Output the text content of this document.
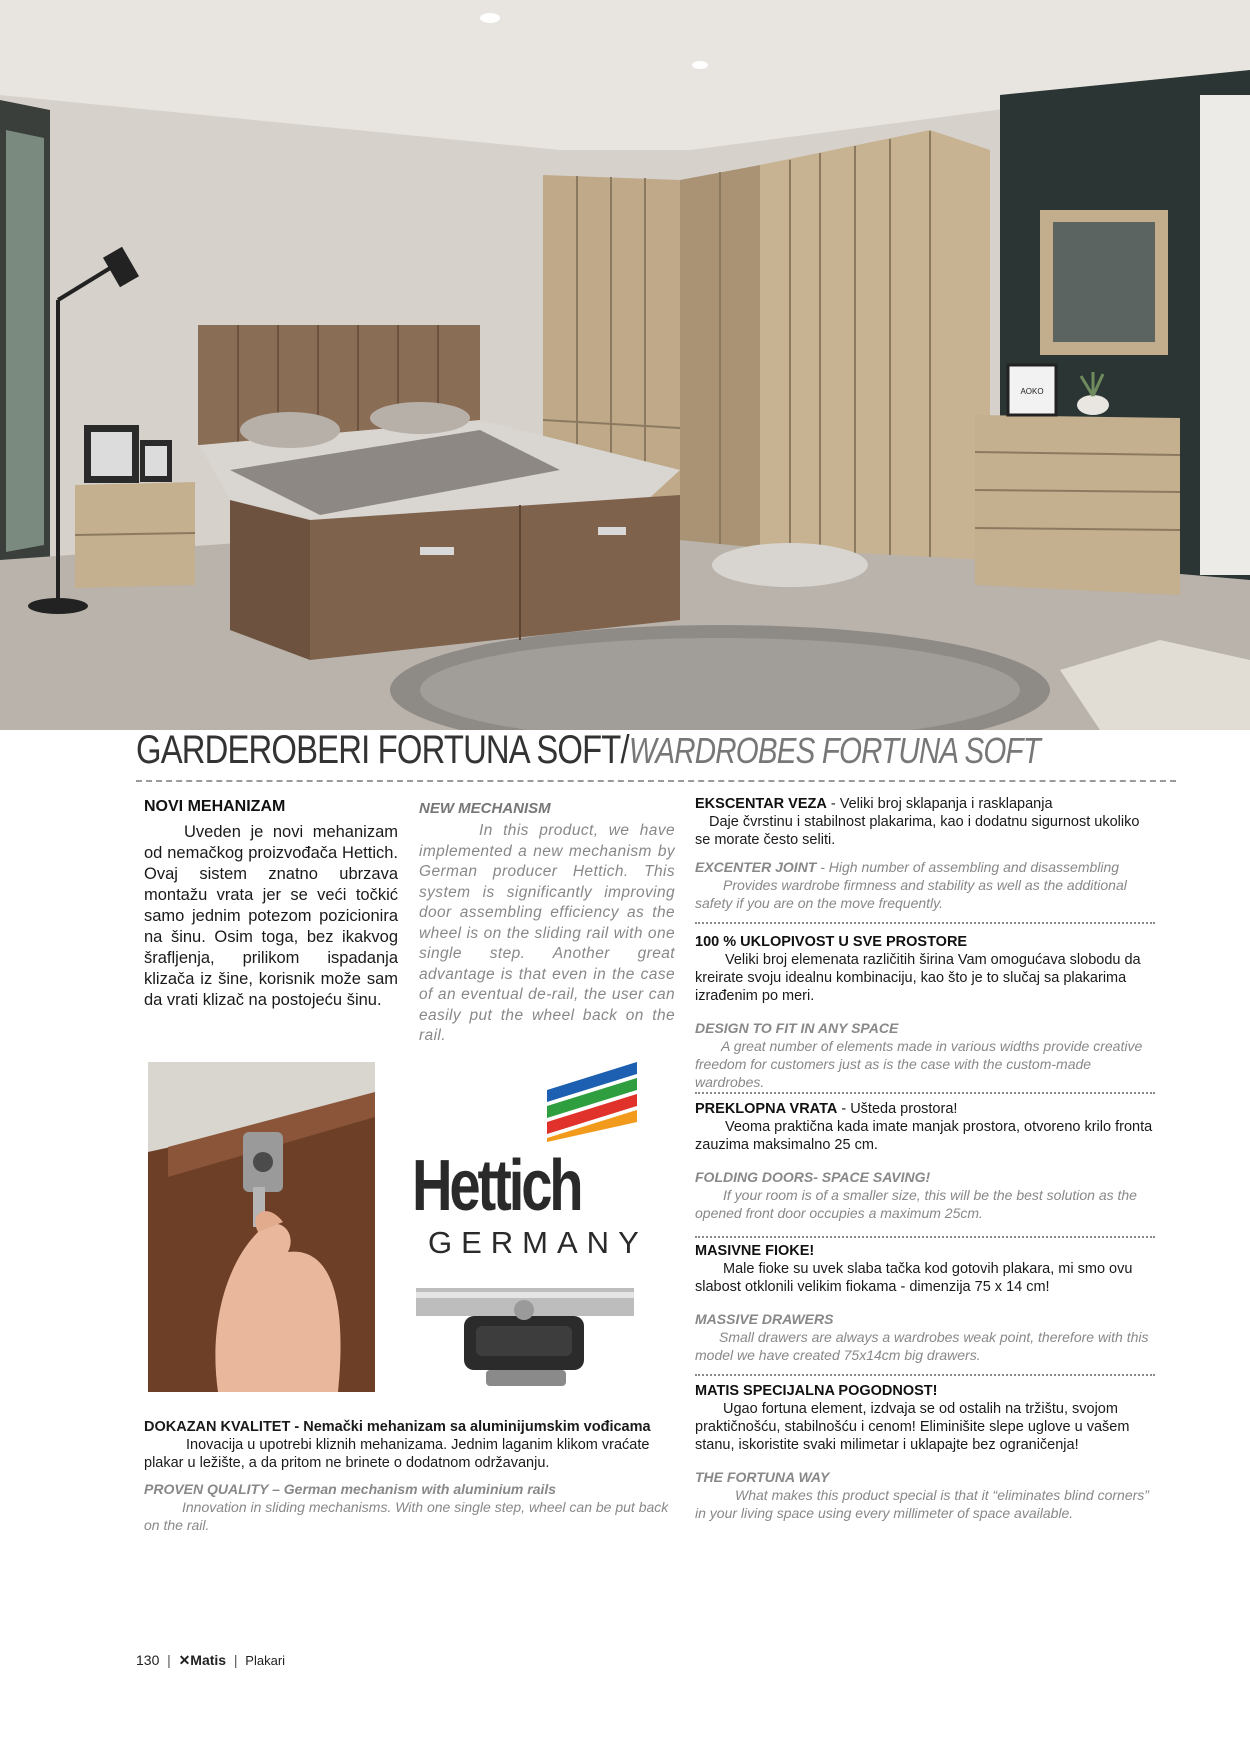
AOKO
GARDEROBERI FORTUNA SOFT/WARDROBES FORTUNA SOFT
NOVI MEHANIZAM

Uveden je novi mehanizam od nemačkog proizvođača Hettich. Ovaj sistem znatno ubrzava montažu vrata jer se veći točkić samo jednim potezom pozicionira na šinu. Osim toga, bez ikakvog šrafljenja, prilikom ispadanja klizača iz šine, korisnik može sam da vrati klizač na postojeću šinu.

NEW MECHANISM

In this product, we have implemented a new mechanism by German producer Hettich. This system is significantly improving door assembling efficiency as the wheel is on the sliding rail with one single step. Another great advantage is that even in the case of an eventual de-rail, the user can easily put the wheel back on the rail.

Hettich
GERMANY
DOKAZAN KVALITET - Nemački mehanizam sa aluminijumskim vođicama
Inovacija u upotrebi kliznih mehanizama. Jednim laganim klikom vraćate plakar u ležište, a da pritom ne brinete o dodatnom održavanju.
PROVEN QUALITY – German mechanism with aluminium rails
Innovation in sliding mechanisms. With one single step, wheel can be put back on the rail.
EKSCENTAR VEZA - Veliki broj sklapanja i rasklapanja
Daje čvrstinu i stabilnost plakarima, kao i dodatnu sigurnost ukoliko se morate često seliti.
EXCENTER JOINT - High number of assembling and disassembling
Provides wardrobe firmness and stability as well as the additional safety if you are on the move frequently.
100 % UKLOPIVOST U SVE PROSTORE
Veliki broj elemenata različitih širina Vam omogućava slobodu da kreirate svoju idealnu kombinaciju, kao što je to slučaj sa plakarima izrađenim po meri.
DESIGN TO FIT IN ANY SPACE
A great number of elements made in various widths provide creative freedom for customers just as is the case with the custom-made wardrobes.
PREKLOPNA VRATA - Ušteda prostora!
Veoma praktična kada imate manjak prostora, otvoreno krilo fronta zauzima maksimalno 25 cm.
FOLDING DOORS- SPACE SAVING!
If your room is of a smaller size, this will be the best solution as the opened front door occupies a maximum 25cm.
MASIVNE FIOKE!
Male fioke su uvek slaba tačka kod gotovih plakara, mi smo ovu slabost otklonili velikim fiokama - dimenzija 75 x 14 cm!
MASSIVE DRAWERS
Small drawers are always a wardrobes weak point, therefore with this model we have created 75x14cm big drawers.
MATIS SPECIJALNA POGODNOST!
Ugao fortuna element, izdvaja se od ostalih na tržištu, svojom praktičnošću, stabilnošću i cenom! Eliminišite slepe uglove u vašem stanu, iskoristite svaki milimetar i uklapajte bez ograničenja!
THE FORTUNA WAY
What makes this product special is that it “eliminates blind corners” in your living space using every millimeter of space available.
130  |  ✕Matis  |  Plakari
